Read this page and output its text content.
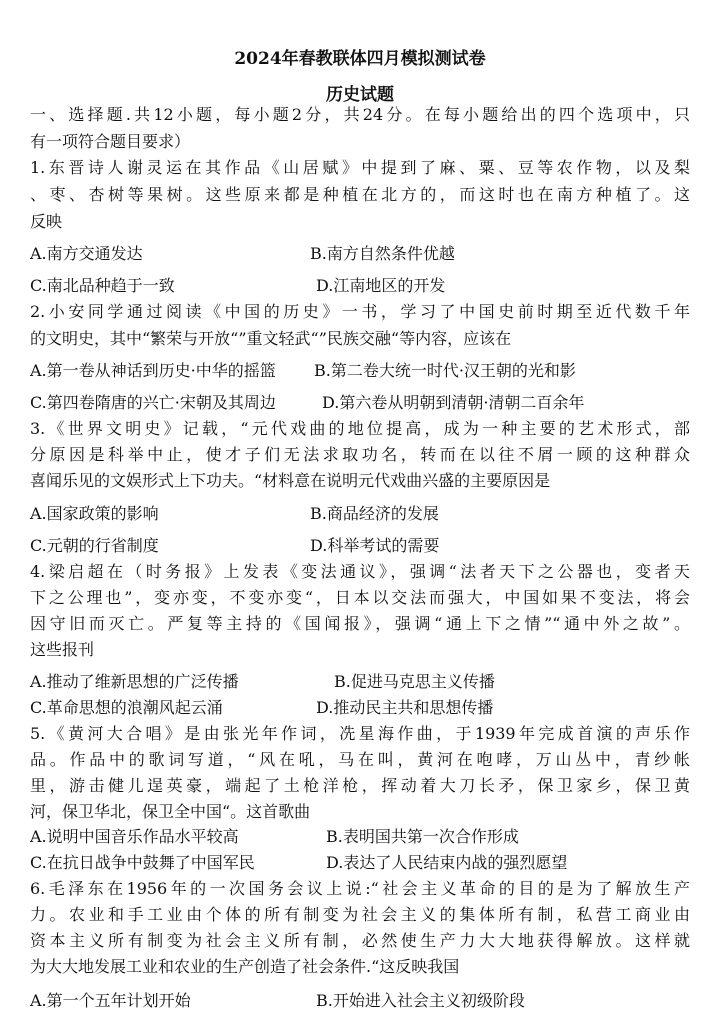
2024年春教联体四月模拟测试卷
历史试题
一、选择题.共12小题，每小题2分，共24分。在每小题给出的四个选项中，只
有一项符合题目要求）
1.东晋诗人谢灵运在其作品《山居赋》中提到了麻、粟、豆等农作物，以及梨
、枣、杏树等果树。这些原来都是种植在北方的，而这时也在南方种植了。这
反映
A.南方交通发达	B.南方自然条件优越
C.南北品种趋于一致	D.江南地区的开发
2.小安同学通过阅读《中国的历史》一书，学习了中国史前时期至近代数千年
的文明史，其中“繁荣与开放“”重文轻武“”民族交融“等内容，应该在
A.第一卷从神话到历史·中华的摇篮 B.第二卷大统一时代·汉王朝的光和影
C.第四卷隋唐的兴亡·宋朝及其周边	D.第六卷从明朝到清朝·清朝二百余年
3.《世界文明史》记载，“元代戏曲的地位提高，成为一种主要的艺术形式，部
分原因是科举中止，使才子们无法求取功名，转而在以往不屑一顾的这种群众
喜闻乐见的文娱形式上下功夫。“材料意在说明元代戏曲兴盛的主要原因是
A.国家政策的影响	B.商品经济的发展
C.元朝的行省制度	D.科举考试的需要
4.梁启超在（时务报》上发表《变法通议》，强调“法者天下之公器也，变者天
下之公理也”，变亦变，不变亦变“，日本以交法而强大，中国如果不变法，将会
因守旧而灭亡。严复等主持的《国闻报》，强调“通上下之情”“通中外之故”。
这些报刊
A.推动了维新思想的广泛传播	B.促进马克思主义传播
C.革命思想的浪潮风起云涌	D.推动民主共和思想传播
5.《黄河大合唱》是由张光年作词，冼星海作曲，于1939年完成首演的声乐作
品。作品中的歌词写道，“风在吼，马在叫，黄河在咆哮，万山丛中，青纱帐
里，游击健儿逞英豪，端起了土枪洋枪，挥动着大刀长矛，保卫家乡，保卫黄
河，保卫华北，保卫全中国“。这首歌曲
A.说明中国音乐作品水平较高	B.表明国共第一次合作形成
C.在抗日战争中鼓舞了中国军民	D.表达了人民结束内战的强烈愿望
6.毛泽东在1956年的一次国务会议上说:“社会主义革命的目的是为了解放生产
力。农业和手工业由个体的所有制变为社会主义的集体所有制，私营工商业由
资本主义所有制变为社会主义所有制，必然使生产力大大地获得解放。这样就
为大大地发展工业和农业的生产创造了社会条件.“这反映我国
A.第一个五年计划开始	B.开始进入社会主义初级阶段
